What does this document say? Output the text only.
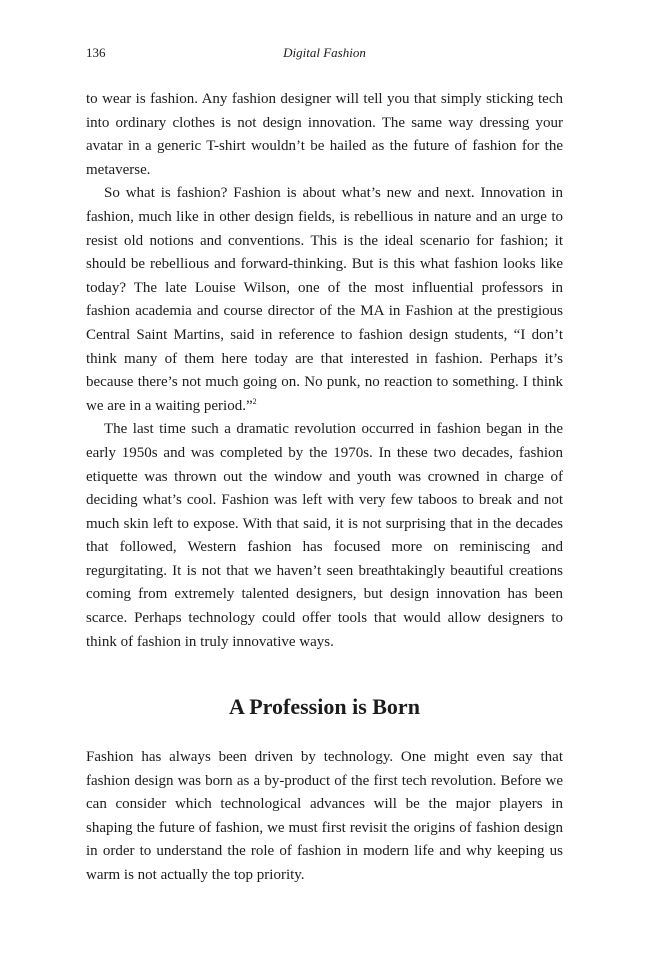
136	Digital Fashion

to wear is fashion. Any fashion designer will tell you that simply sticking tech into ordinary clothes is not design innovation. The same way dressing your avatar in a generic T-shirt wouldn’t be hailed as the future of fashion for the metaverse.

So what is fashion? Fashion is about what’s new and next. Innovation in fashion, much like in other design fields, is rebellious in nature and an urge to resist old notions and conventions. This is the ideal scenario for fashion; it should be rebellious and forward-thinking. But is this what fashion looks like today? The late Louise Wilson, one of the most influential professors in fashion academia and course director of the MA in Fashion at the prestigious Central Saint Martins, said in reference to fashion design students, “I don’t think many of them here today are that interested in fashion. Perhaps it’s because there’s not much going on. No punk, no reaction to something. I think we are in a waiting period.”$^2$

The last time such a dramatic revolution occurred in fashion began in the early 1950s and was completed by the 1970s. In these two decades, fashion etiquette was thrown out the window and youth was crowned in charge of deciding what’s cool. Fashion was left with very few taboos to break and not much skin left to expose. With that said, it is not surprising that in the decades that followed, Western fashion has focused more on reminiscing and regurgitating. It is not that we haven’t seen breathtakingly beautiful creations coming from extremely talented designers, but design innovation has been scarce. Perhaps technology could offer tools that would allow designers to think of fashion in truly innovative ways.

A Profession is Born

Fashion has always been driven by technology. One might even say that fashion design was born as a by-product of the first tech revolution. Before we can consider which technological advances will be the major players in shaping the future of fashion, we must first revisit the origins of fashion design in order to understand the role of fashion in modern life and why keeping us warm is not actually the top priority.
